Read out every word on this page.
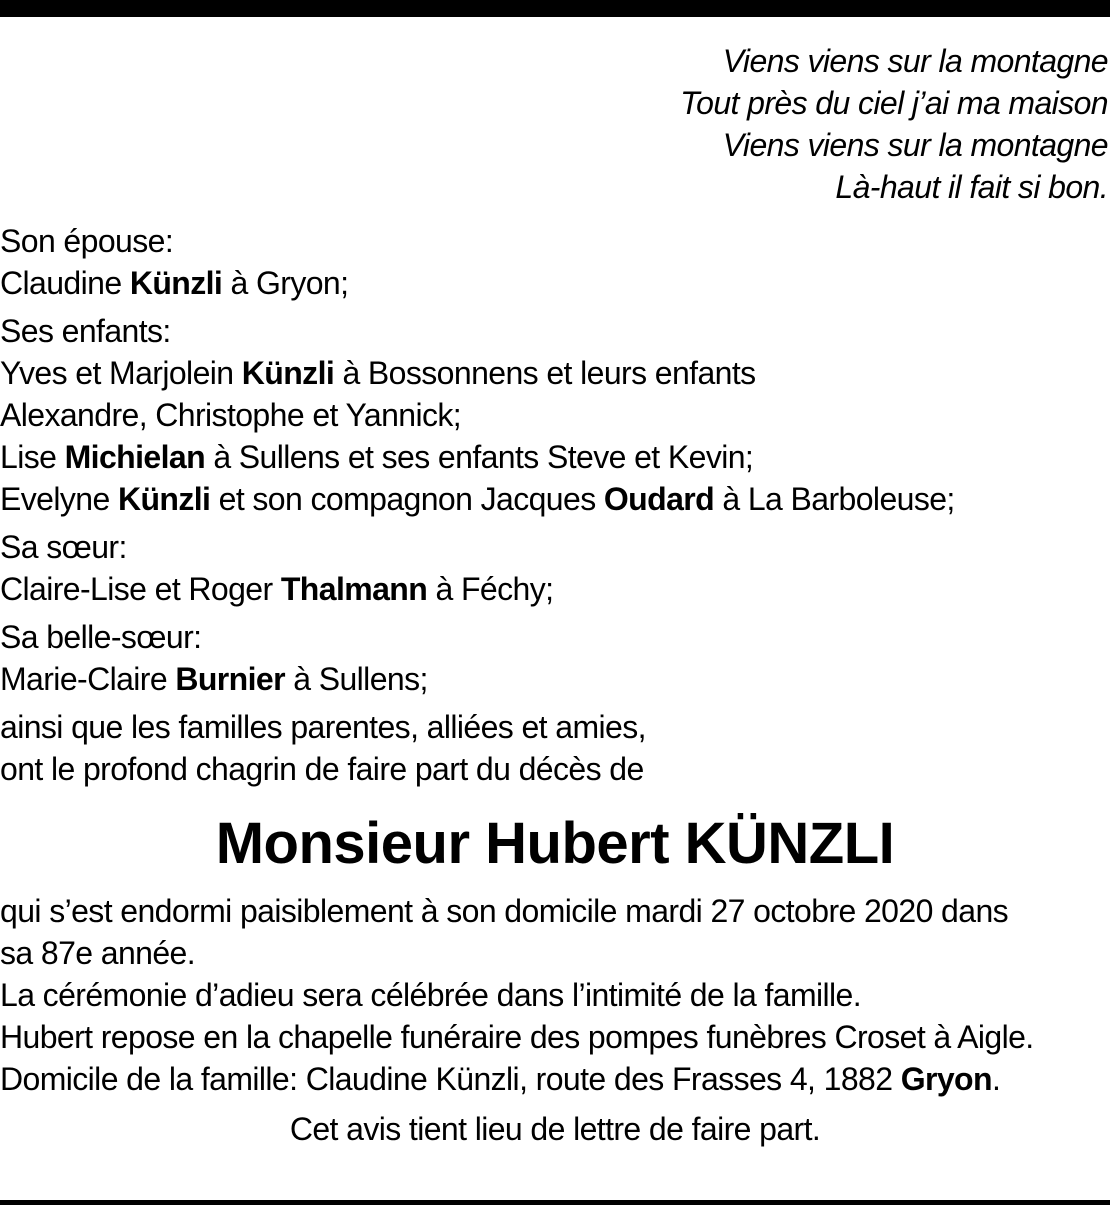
Viens viens sur la montagne
Tout près du ciel j’ai ma maison
Viens viens sur la montagne
Là-haut il fait si bon.
Son épouse:
Claudine Künzli à Gryon;
Ses enfants:
Yves et Marjolein Künzli à Bossonnens et leurs enfants
Alexandre, Christophe et Yannick;
Lise Michielan à Sullens et ses enfants Steve et Kevin;
Evelyne Künzli et son compagnon Jacques Oudard à La Barboleuse;
Sa sœur:
Claire-Lise et Roger Thalmann à Féchy;
Sa belle-sœur:
Marie-Claire Burnier à Sullens;
ainsi que les familles parentes, alliées et amies,
ont le profond chagrin de faire part du décès de
Monsieur Hubert KÜNZLI
qui s’est endormi paisiblement à son domicile mardi 27 octobre 2020 dans
sa 87e année.
La cérémonie d’adieu sera célébrée dans l’intimité de la famille.
Hubert repose en la chapelle funéraire des pompes funèbres Croset à Aigle.
Domicile de la famille: Claudine Künzli, route des Frasses 4, 1882 Gryon.
Cet avis tient lieu de lettre de faire part.
